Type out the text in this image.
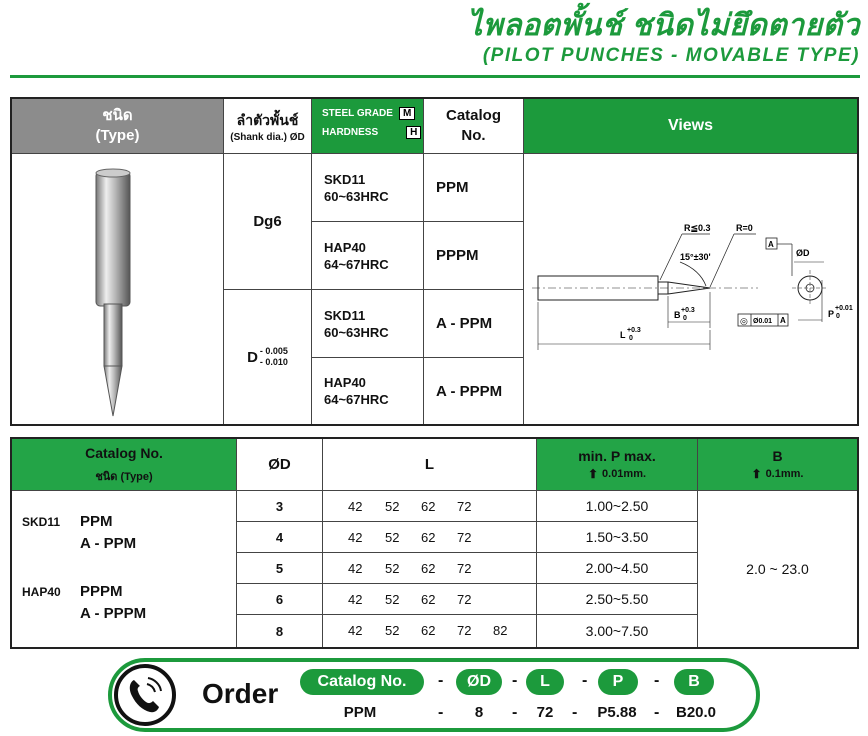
ไพลอตพั้นช์ ชนิดไม่ยึดตายตัว
(PILOT PUNCHES - MOVABLE TYPE)
ชนิด
(Type)
ลำตัวพั้นช์
(Shank dia.) ØD
STEEL GRADE	M
HARDNESS	H
Catalog
No.
Views
Dg6
D - 0.005
- 0.010
SKD11
60~63HRC	PPM
HAP40
64~67HRC	PPPM
SKD11
60~63HRC	A - PPM
HAP40
64~67HRC	A - PPPM
15°±30'
R≦0.3	R=0
B +0.3
0
L +0.3
0
A
ØD
◎ Ø0.01 A
P
+0.01
0
Catalog No.
ชนิด (Type)
ØD	L	min. P max.
⬆ 0.01mm.
B
⬆ 0.1mm.
SKD11 PPM
A - PPM
HAP40 PPPM
A - PPPM
3	42 52 62 72	1.00~2.50
4	42 52 62 72	1.50~3.50
5	42 52 62 72	2.00~4.50
6	42 52 62 72	2.50~5.50
8	42 52 62 72 82	3.00~7.50
2.0 ~ 23.0
Order	Catalog No.	-	ØD	-	L	-	P	-	B
PPM	-	8	-	72	-	P5.88	-	B20.0
